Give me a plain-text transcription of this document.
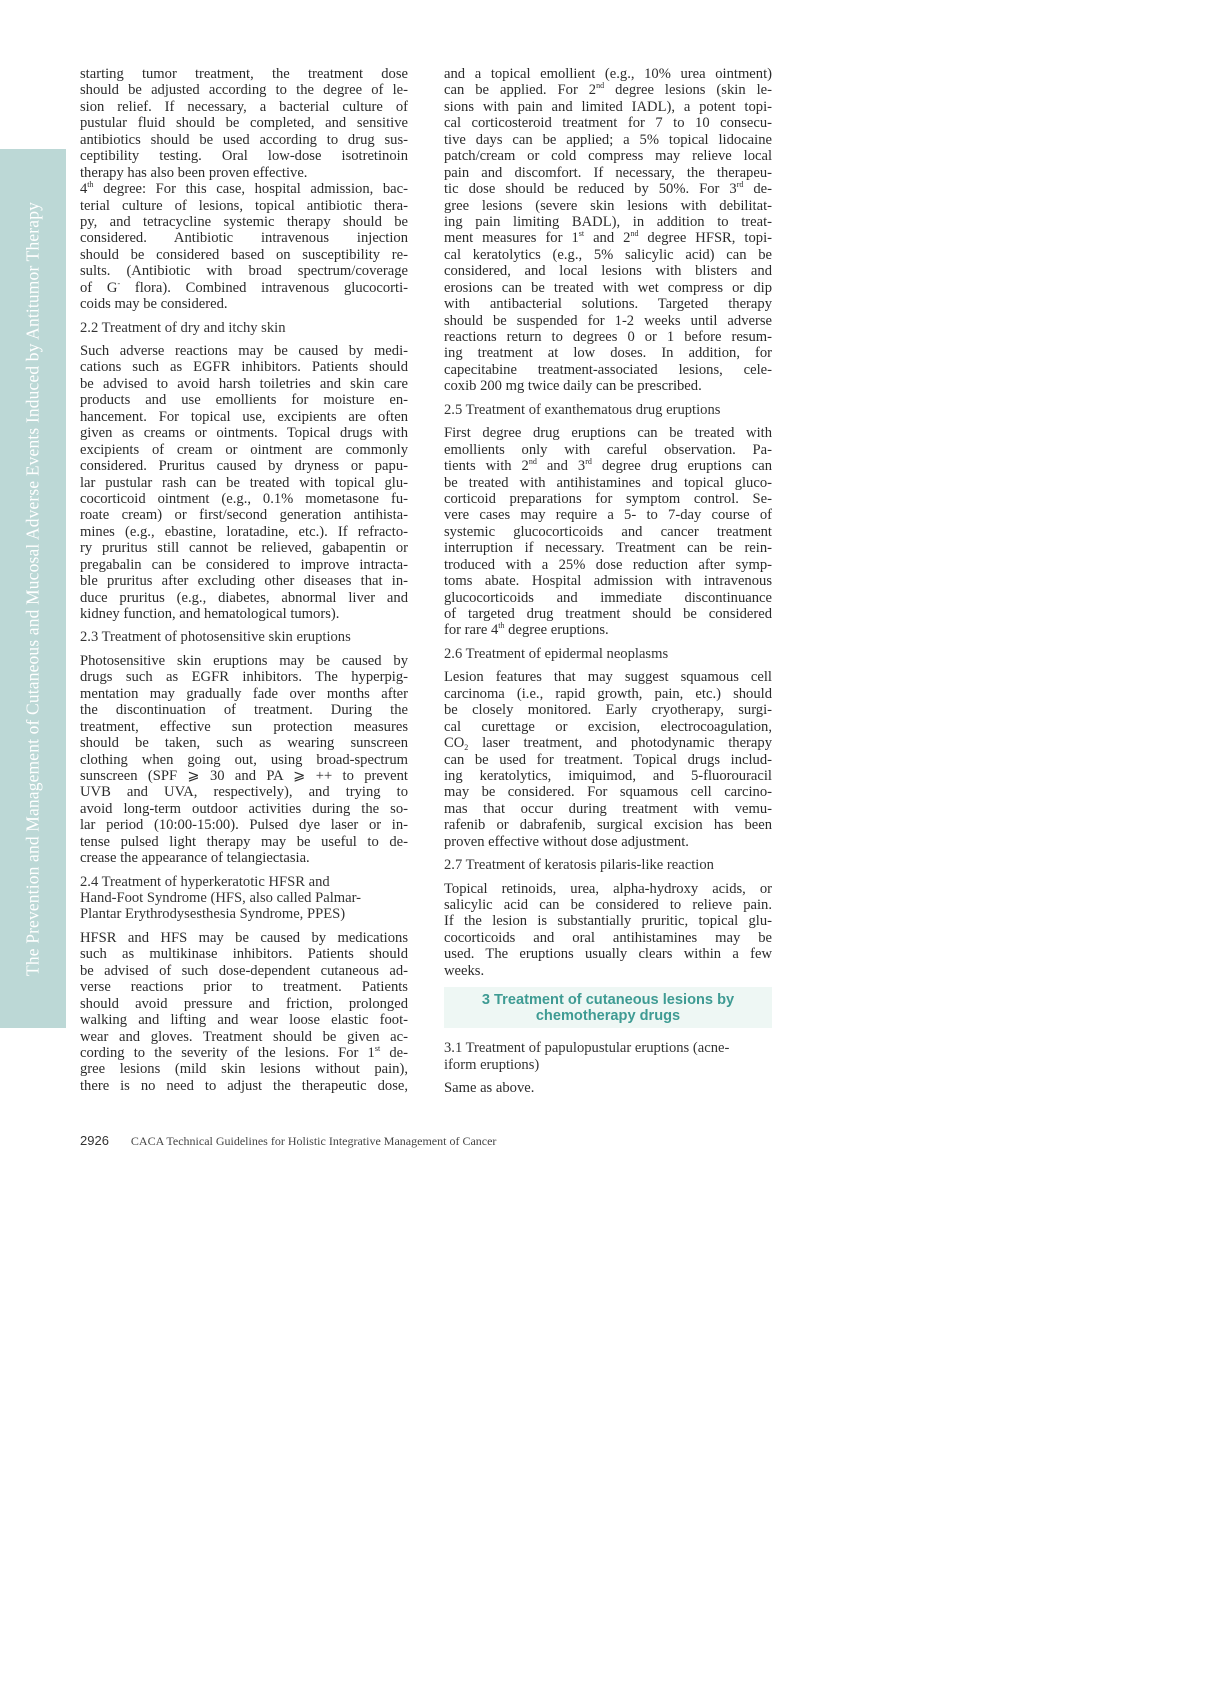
The Prevention and Management of Cutaneous and Mucosal Adverse Events Induced by Antitumor Therapy
starting tumor treatment, the treatment dose
should be adjusted according to the degree of le-
sion relief. If necessary, a bacterial culture of
pustular fluid should be completed, and sensitive
antibiotics should be used according to drug sus-
ceptibility testing. Oral low-dose isotretinoin
therapy has also been proven effective.
4th degree: For this case, hospital admission, bac-
terial culture of lesions, topical antibiotic thera-
py, and tetracycline systemic therapy should be
considered. Antibiotic intravenous injection
should be considered based on susceptibility re-
sults. (Antibiotic with broad spectrum/coverage
of G- flora). Combined intravenous glucocorti-
coids may be considered.
2.2 Treatment of dry and itchy skin
Such adverse reactions may be caused by medi-
cations such as EGFR inhibitors. Patients should
be advised to avoid harsh toiletries and skin care
products and use emollients for moisture en-
hancement. For topical use, excipients are often
given as creams or ointments. Topical drugs with
excipients of cream or ointment are commonly
considered. Pruritus caused by dryness or papu-
lar pustular rash can be treated with topical glu-
cocorticoid ointment (e.g., 0.1% mometasone fu-
roate cream) or first/second generation antihista-
mines (e.g., ebastine, loratadine, etc.). If refracto-
ry pruritus still cannot be relieved, gabapentin or
pregabalin can be considered to improve intracta-
ble pruritus after excluding other diseases that in-
duce pruritus (e.g., diabetes, abnormal liver and
kidney function, and hematological tumors).
2.3 Treatment of photosensitive skin eruptions
Photosensitive skin eruptions may be caused by
drugs such as EGFR inhibitors. The hyperpig-
mentation may gradually fade over months after
the discontinuation of treatment. During the
treatment, effective sun protection measures
should be taken, such as wearing sunscreen
clothing when going out, using broad-spectrum
sunscreen (SPF ⩾ 30 and PA ⩾ ++ to prevent
UVB and UVA, respectively), and trying to
avoid long-term outdoor activities during the so-
lar period (10:00-15:00). Pulsed dye laser or in-
tense pulsed light therapy may be useful to de-
crease the appearance of telangiectasia.
2.4 Treatment of hyperkeratotic HFSR and
Hand-Foot Syndrome (HFS, also called Palmar-
Plantar Erythrodysesthesia Syndrome, PPES)
HFSR and HFS may be caused by medications
such as multikinase inhibitors. Patients should
be advised of such dose-dependent cutaneous ad-
verse reactions prior to treatment. Patients
should avoid pressure and friction, prolonged
walking and lifting and wear loose elastic foot-
wear and gloves. Treatment should be given ac-
cording to the severity of the lesions. For 1st de-
gree lesions (mild skin lesions without pain),
there is no need to adjust the therapeutic dose,
and a topical emollient (e.g., 10% urea ointment)
can be applied. For 2nd degree lesions (skin le-
sions with pain and limited IADL), a potent topi-
cal corticosteroid treatment for 7 to 10 consecu-
tive days can be applied; a 5% topical lidocaine
patch/cream or cold compress may relieve local
pain and discomfort. If necessary, the therapeu-
tic dose should be reduced by 50%. For 3rd de-
gree lesions (severe skin lesions with debilitat-
ing pain limiting BADL), in addition to treat-
ment measures for 1st and 2nd degree HFSR, topi-
cal keratolytics (e.g., 5% salicylic acid) can be
considered, and local lesions with blisters and
erosions can be treated with wet compress or dip
with antibacterial solutions. Targeted therapy
should be suspended for 1-2 weeks until adverse
reactions return to degrees 0 or 1 before resum-
ing treatment at low doses. In addition, for
capecitabine treatment-associated lesions, cele-
coxib 200 mg twice daily can be prescribed.
2.5 Treatment of exanthematous drug eruptions
First degree drug eruptions can be treated with
emollients only with careful observation. Pa-
tients with 2nd and 3rd degree drug eruptions can
be treated with antihistamines and topical gluco-
corticoid preparations for symptom control. Se-
vere cases may require a 5- to 7-day course of
systemic glucocorticoids and cancer treatment
interruption if necessary. Treatment can be rein-
troduced with a 25% dose reduction after symp-
toms abate. Hospital admission with intravenous
glucocorticoids and immediate discontinuance
of targeted drug treatment should be considered
for rare 4th degree eruptions.
2.6 Treatment of epidermal neoplasms
Lesion features that may suggest squamous cell
carcinoma (i.e., rapid growth, pain, etc.) should
be closely monitored. Early cryotherapy, surgi-
cal curettage or excision, electrocoagulation,
$CO_2$ laser treatment, and photodynamic therapy
can be used for treatment. Topical drugs includ-
ing keratolytics, imiquimod, and 5-fluorouracil
may be considered. For squamous cell carcino-
mas that occur during treatment with vemu-
rafenib or dabrafenib, surgical excision has been
proven effective without dose adjustment.
2.7 Treatment of keratosis pilaris-like reaction
Topical retinoids, urea, alpha-hydroxy acids, or
salicylic acid can be considered to relieve pain.
If the lesion is substantially pruritic, topical glu-
cocorticoids and oral antihistamines may be
used. The eruptions usually clears within a few
weeks.
3 Treatment of cutaneous lesions by
chemotherapy drugs
3.1 Treatment of papulopustular eruptions (acne-
iform eruptions)
Same as above.
2926 CACA Technical Guidelines for Holistic Integrative Management of Cancer
